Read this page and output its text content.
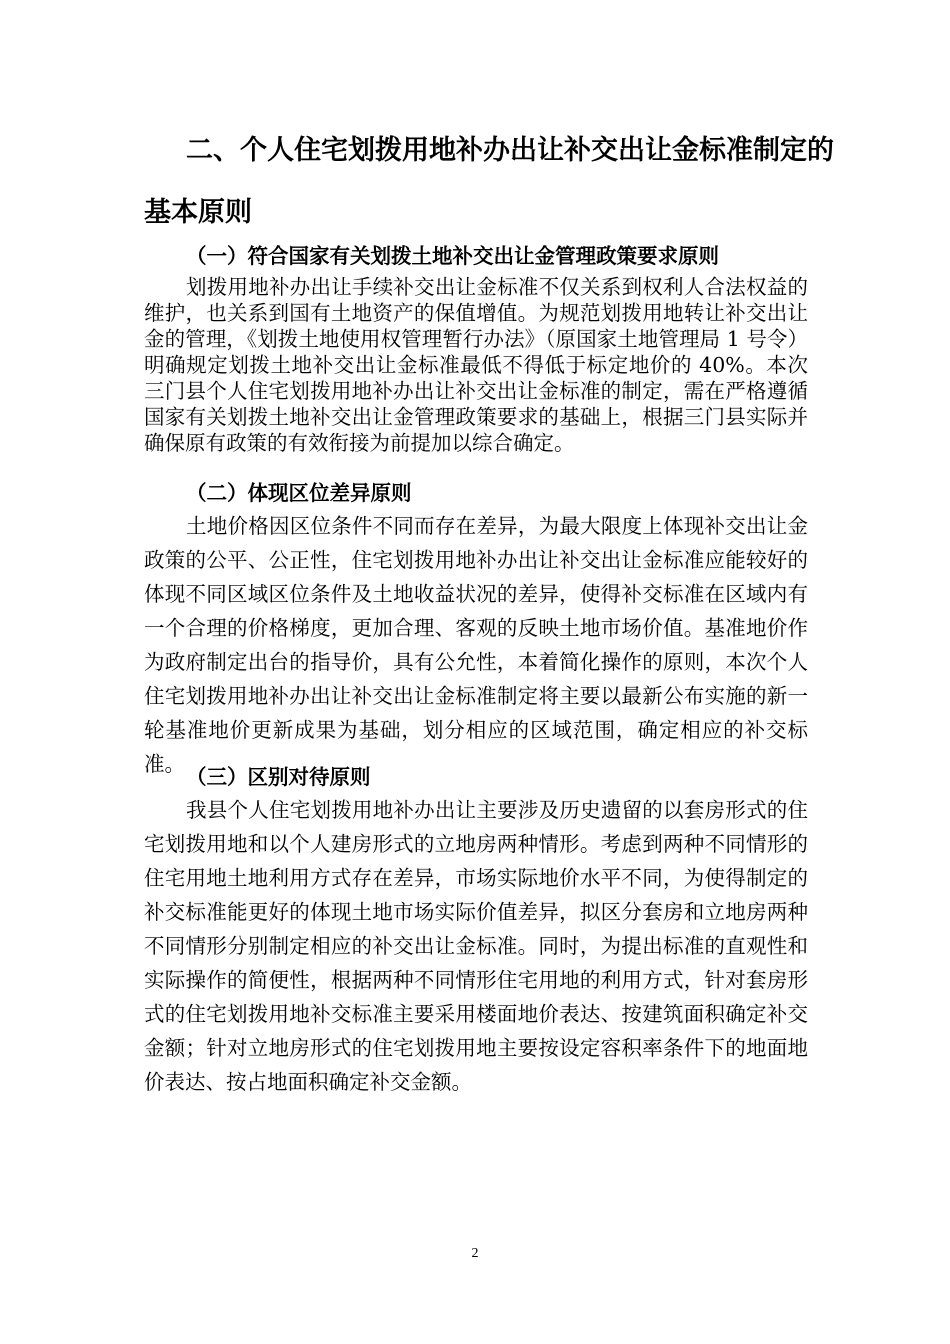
二、个人住宅划拨用地补办出让补交出让金标准制定的
基本原则
（一）符合国家有关划拨土地补交出让金管理政策要求原则

划拨用地补办出让手续补交出让金标准不仅关系到权利人合法权益的维护，也关系到国有土地资产的保值增值。为规范划拨用地转让补交出让金的管理，《划拨土地使用权管理暂行办法》（原国家土地管理局 1 号令）明确规定划拨土地补交出让金标准最低不得低于标定地价的 40%。本次三门县个人住宅划拨用地补办出让补交出让金标准的制定，需在严格遵循国家有关划拨土地补交出让金管理政策要求的基础上，根据三门县实际并确保原有政策的有效衔接为前提加以综合确定。

（二）体现区位差异原则

土地价格因区位条件不同而存在差异，为最大限度上体现补交出让金政策的公平、公正性，住宅划拨用地补办出让补交出让金标准应能较好的体现不同区域区位条件及土地收益状况的差异，使得补交标准在区域内有一个合理的价格梯度，更加合理、客观的反映土地市场价值。基准地价作为政府制定出台的指导价，具有公允性，本着简化操作的原则，本次个人住宅划拨用地补办出让补交出让金标准制定将主要以最新公布实施的新一轮基准地价更新成果为基础，划分相应的区域范围，确定相应的补交标准。

（三）区别对待原则

我县个人住宅划拨用地补办出让主要涉及历史遗留的以套房形式的住宅划拨用地和以个人建房形式的立地房两种情形。考虑到两种不同情形的住宅用地土地利用方式存在差异，市场实际地价水平不同，为使得制定的补交标准能更好的体现土地市场实际价值差异，拟区分套房和立地房两种不同情形分别制定相应的补交出让金标准。同时，为提出标准的直观性和实际操作的简便性，根据两种不同情形住宅用地的利用方式，针对套房形式的住宅划拨用地补交标准主要采用楼面地价表达、按建筑面积确定补交金额；针对立地房形式的住宅划拨用地主要按设定容积率条件下的地面地价表达、按占地面积确定补交金额。

2
